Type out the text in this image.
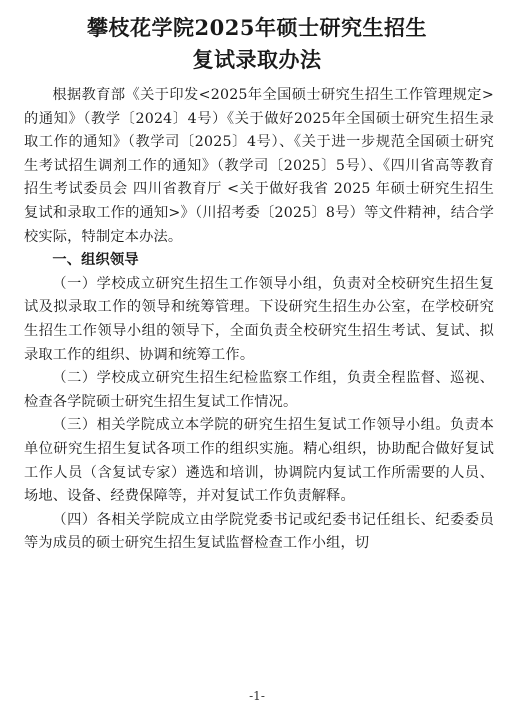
攀枝花学院2025年硕士研究生招生

复试录取办法

根据教育部《关于印发<2025年全国硕士研究生招生工作管理规定>的通知》（教学〔2024〕4号）《关于做好2025年全国硕士研究生招生录取工作的通知》（教学司〔2025〕4号）、《关于进一步规范全国硕士研究生考试招生调剂工作的通知》（教学司〔2025〕5号）、《四川省高等教育招生考试委员会 四川省教育厅 <关于做好我省 2025 年硕士研究生招生复试和录取工作的通知>》（川招考委〔2025〕8号）等文件精神，结合学校实际，特制定本办法。

一、组织领导

（一）学校成立研究生招生工作领导小组，负责对全校研究生招生复试及拟录取工作的领导和统筹管理。下设研究生招生办公室，在学校研究生招生工作领导小组的领导下，全面负责全校研究生招生考试、复试、拟录取工作的组织、协调和统筹工作。

（二）学校成立研究生招生纪检监察工作组，负责全程监督、巡视、检查各学院硕士研究生招生复试工作情况。

（三）相关学院成立本学院的研究生招生复试工作领导小组。负责本单位研究生招生复试各项工作的组织实施。精心组织，协助配合做好复试工作人员（含复试专家）遴选和培训，协调院内复试工作所需要的人员、场地、设备、经费保障等，并对复试工作负责解释。

（四）各相关学院成立由学院党委书记或纪委书记任组长、纪委委员等为成员的硕士研究生招生复试监督检查工作小组，切

-1-
